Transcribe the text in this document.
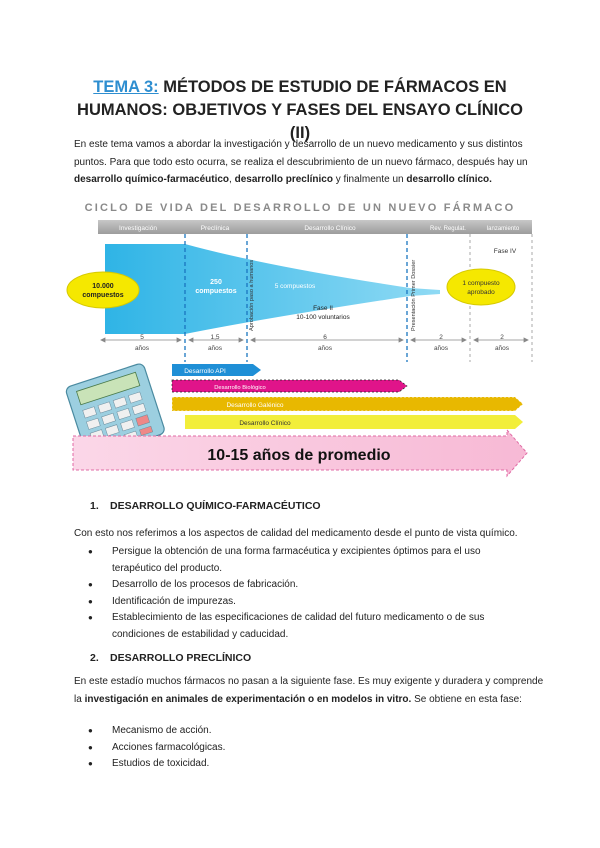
TEMA 3: MÉTODOS DE ESTUDIO DE FÁRMACOS EN
HUMANOS: OBJETIVOS Y FASES DEL ENSAYO CLÍNICO (II)
En este tema vamos a abordar la investigación y desarrollo de un nuevo medicamento y sus distintos puntos. Para que todo esto ocurra, se realiza el descubrimiento de un nuevo fármaco, después hay un desarrollo químico-farmacéutico, desarrollo preclínico y finalmente un desarrollo clínico.
CICLO DE VIDA DEL DESARROLLO DE UN NUEVO FÁRMACO
Investigación	Preclínica	Desarrollo Clínico	Rev. Regulat.	lanzamiento
10.000
compuestos
1 compuesto
aprobado
250
compuestos
5 compuestos
Fase I
10-100
voluntarios
Fase III
1000-5000
voluntarios
Fase II
10-100 voluntarios
Fase IV
Aprobación paso a humanos	Presentación Primer Dossier
5
años
1,5
años
6
años
2
años
2
años
Desarrollo API
Desarrollo Biológico
Desarrollo Galénico
Desarrollo Clínico
10-15 años de promedio
1. DESARROLLO QUÍMICO-FARMACÉUTICO
Con esto nos referimos a los aspectos de calidad del medicamento desde el punto de vista químico.
● Persigue la obtención de una forma farmacéutica y excipientes óptimos para el uso terapéutico del producto.
● Desarrollo de los procesos de fabricación.
● Identificación de impurezas.
● Establecimiento de las especificaciones de calidad del futuro medicamento o de sus condiciones de estabilidad y caducidad.
2. DESARROLLO PRECLÍNICO
En este estadío muchos fármacos no pasan a la siguiente fase. Es muy exigente y duradera y comprende la investigación en animales de experimentación o en modelos in vitro. Se obtiene en esta fase:
● Mecanismo de acción.
● Acciones farmacológicas.
● Estudios de toxicidad.
